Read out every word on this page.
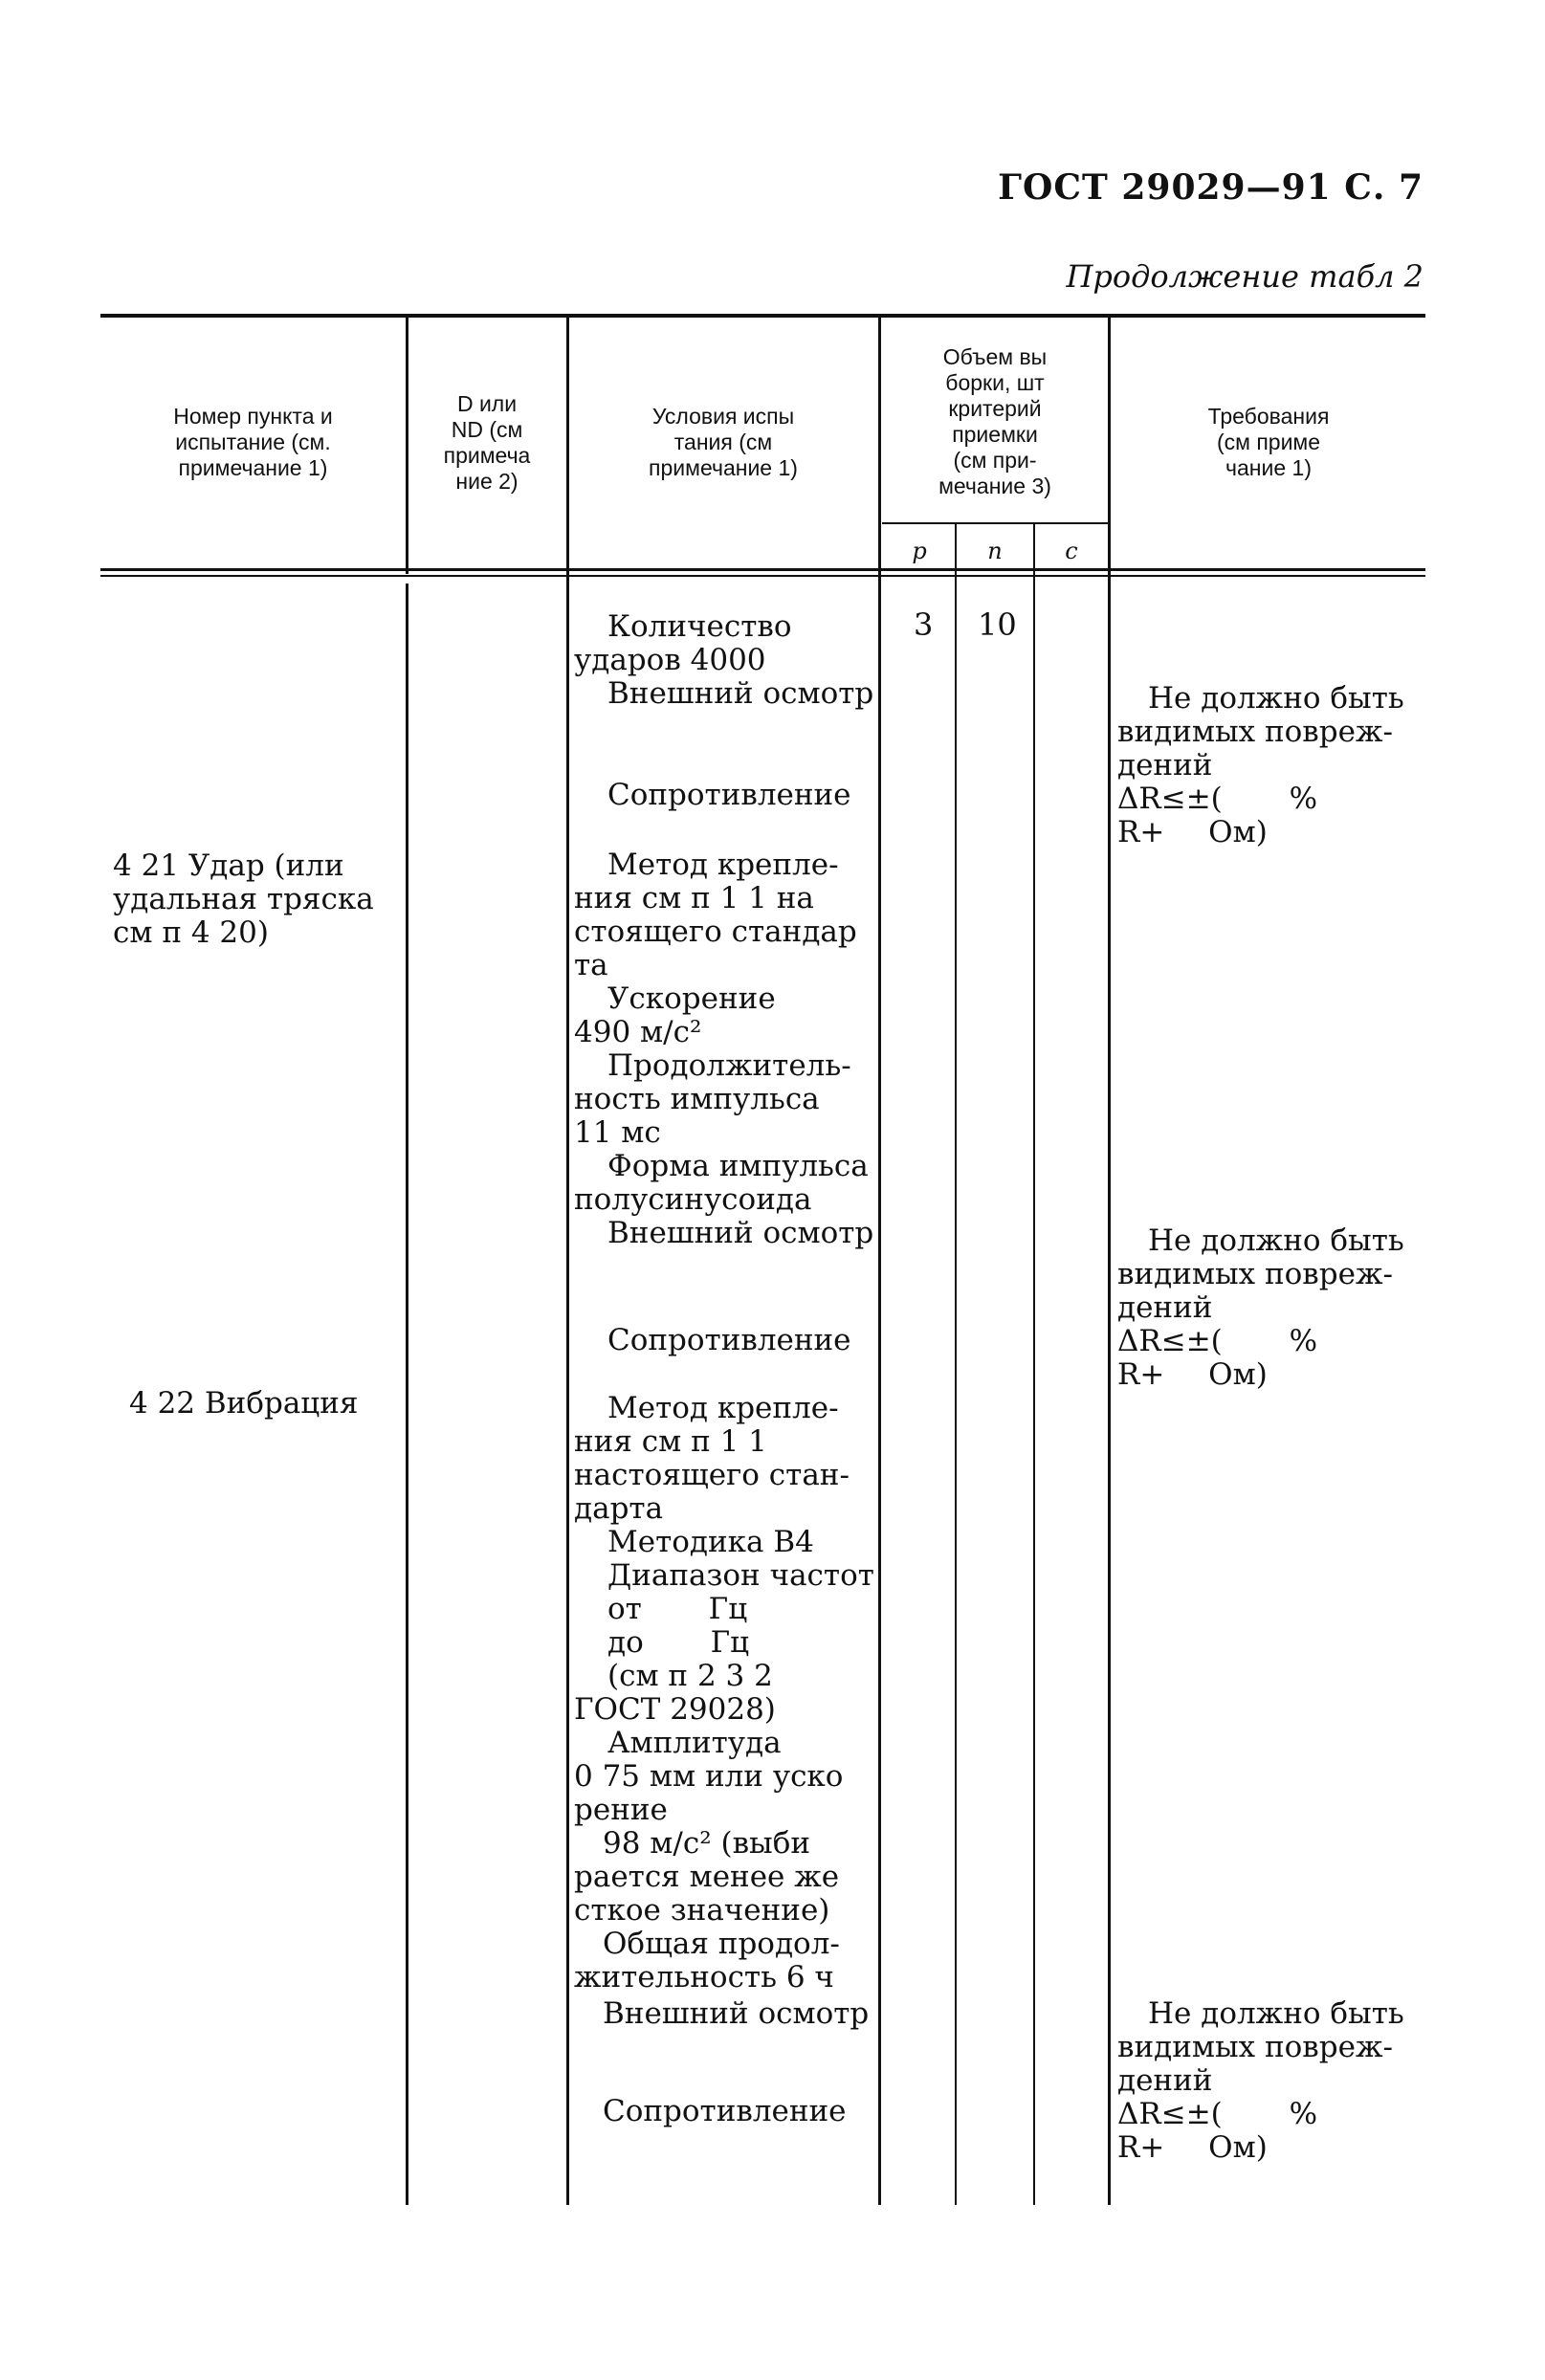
ГОСТ 29029—91 С. 7
Продолжение табл 2
Номер пункта и
испытание (см.
примечание 1)
D или
ND (см
примеча
ние 2)
Условия испы
тания (см
примечание 1)
Объем вы
борки, шт
критерий
приемки
(см при-
мечание 3)
Требования
(см приме
чание 1)
p	n	c
3 10
4 21 Удар (или
удальная тряска
см п 4 20)
4 22 Вибрация
Количество
ударов 4000
Внешний осмотр
Сопротивление
Метод крепле-
ния см п 1 1 на
стоящего стандар
та
Ускорение
490 м/с²
Продолжитель-
ность импульса
11 мс
Форма импульса
полусинусоида
Внешний осмотр
Сопротивление
Метод крепле-
ния см п 1 1
настоящего стан-
дарта
Методика В4
Диапазон частот
от Гц
до Гц
(см п 2 3 2
ГОСТ 29028)
Амплитуда
0 75 мм или уско
рение
98 м/с² (выби
рается менее же
сткое значение)
Общая продол-
жительность 6 ч
Внешний осмотр
Сопротивление
Не должно быть
видимых повреж-
дений
ΔR≤±( %
R+ Ом)
Не должно быть
видимых повреж-
дений
ΔR≤±( %
R+ Ом)
Не должно быть
видимых повреж-
дений
ΔR≤±( %
R+ Ом)
